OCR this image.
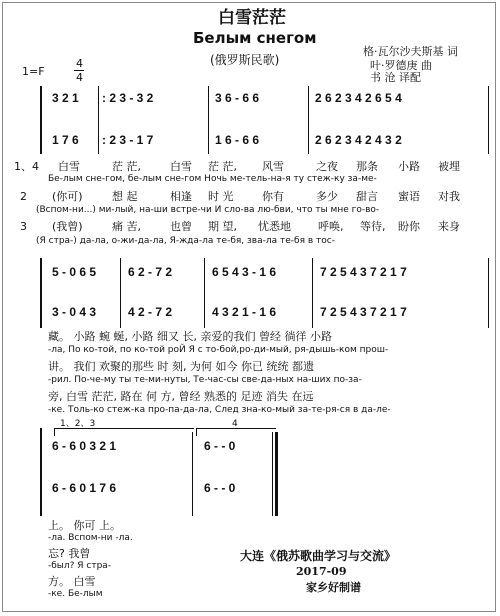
白雪茫茫
Белым снегом
(俄罗斯民歌)
1=F
4
4
格·瓦尔沙夫斯基 词
叶·罗德庚 曲
书 沧 译配
3 2 1 : 2 3 - 3 2	3 6 - 6 6	2 6 2 3 4 2 6 5 4
1 7 6 : 2 3 - 1 7	1 6 - 6 6	2 6 2 3 4 2 4 3 2
1、4 白雪	茫 茫,	白雪 茫 茫, 风雪	之夜 那条 小路 被埋
Бе-лым сне-гом, бе-лым сне-гом Ночь ме-тель-на-я ту стеж-ку за-ме-
2 (你可)	想 起	相逢 时 光	你有	多少 甜言 蜜语 对我
(Вспом-ни...) ми-лый, на-ши встре-чи И сло-ва лю-бви, что ты мне го-во-
3 (我曾)	痛 苦,	也曾 期 望, 忧悉地 呼唤, 等待, 盼你 来身
(Я стра-) да-ла, о-жи-да-ла, Я-жда-ла те-бя, зва-ла те-бя в тос-
5 - 0 6 5	6 2 - 7 2	6 5 4 3 - 1 6	7 2 5 4 3 7 2 1 7
3 - 0 4 3	4 2 - 7 2	4 3 2 1 - 1 6	7 2 5 4 3 7 2 1 7
藏。 小路 蜿 蜒, 小路 细又 长, 亲爱的我们 曾经 徜徉 小路
-ла, По ко-той, по ко-той роЙ Я с то-бой,ро-ди-мый, ря-дышь-ком прош-
讲。 我们 欢聚的那些 时 刻, 为何 如今 你已 统统 都遗
-рил. По-че-му ты те-ми-нуты, Те-час-сы све-да-ных на-ших по-за-
旁, 白雪 茫茫, 路在 何 方, 曾经 熟悉的 足迹 消失 在远
-ке. Толь-ко стеж-ка про-па-да-ла, След зна-ко-мый за-те-ря-ся в да-ле-
1、2、3	4
6 - 6 0 3 2 1	6 - - 0
6 - 6 0 1 7 6	6 - - 0
上。 你可 上。
-ла. Вспом-ни -ла.
忘? 我曾
-был? Я стра-
方。 白雪
-ке. Бе-лым
大连《俄苏歌曲学习与交流》
2017-09
家乡好制谱
